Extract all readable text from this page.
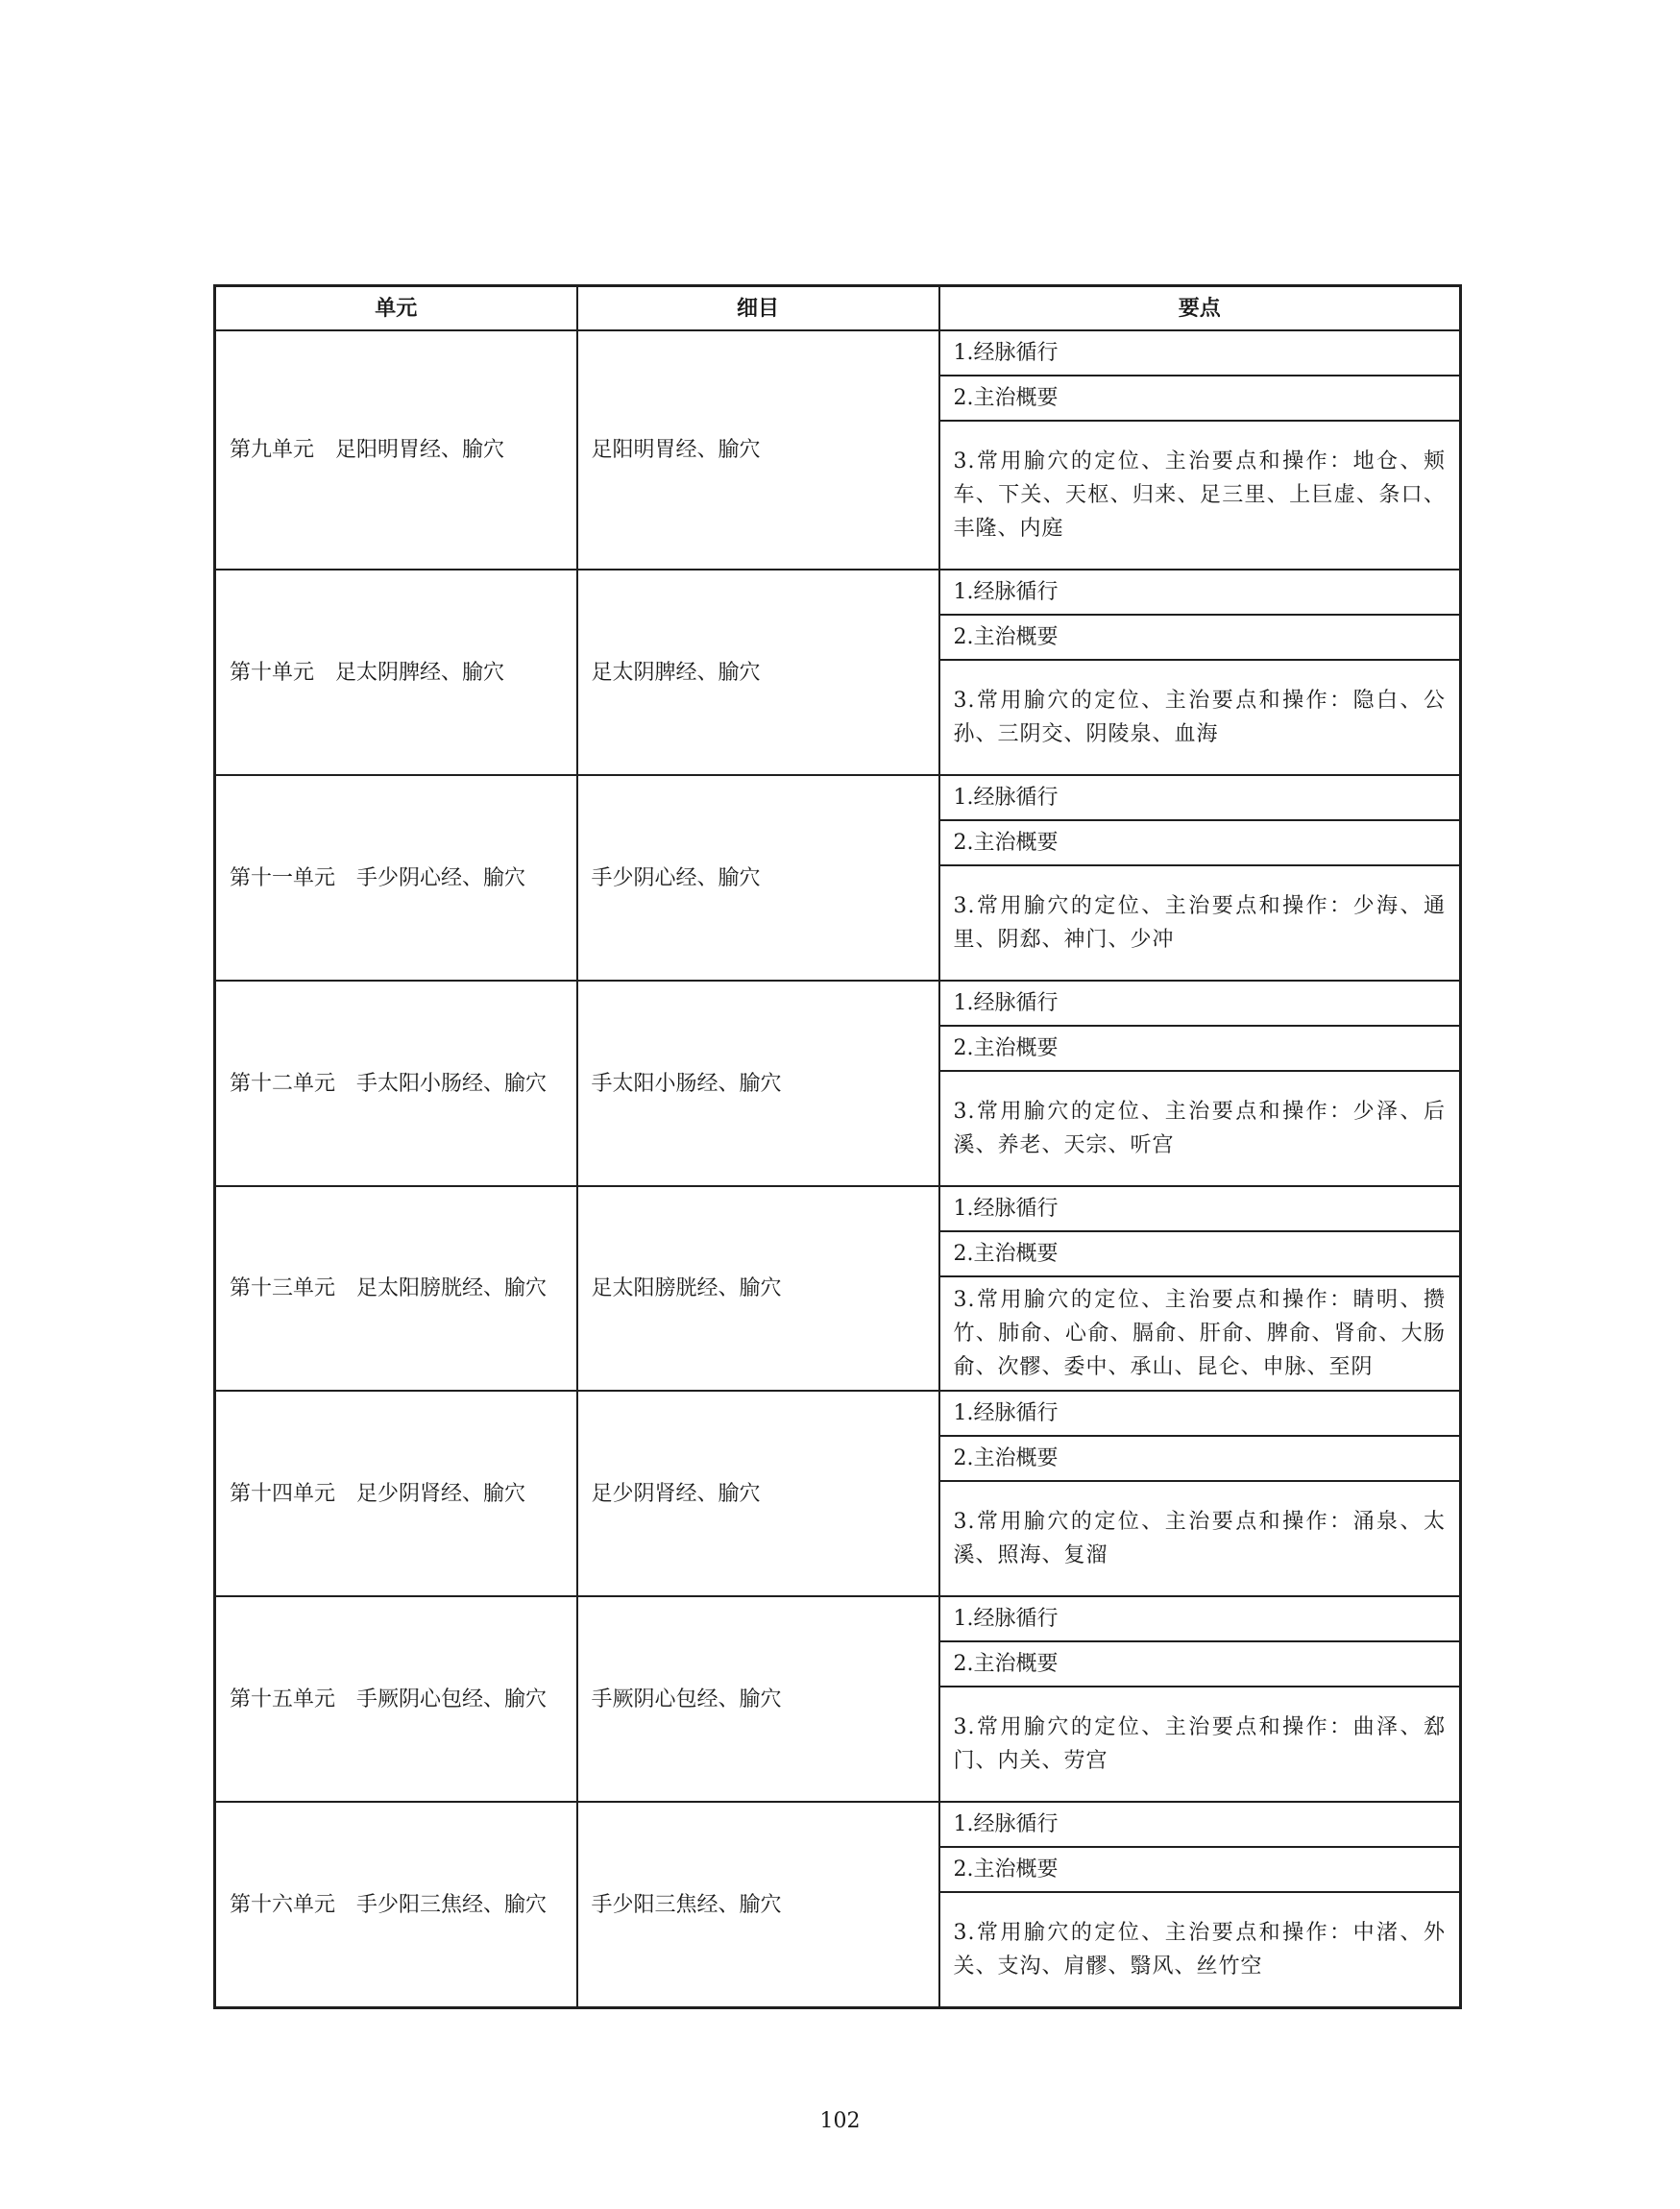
单元	细目	要点
第九单元　足阳明胃经、腧穴	足阳明胃经、腧穴	1.经脉循行
		2.主治概要
		3.常用腧穴的定位、主治要点和操作：地仓、颊车、下关、天枢、归来、足三里、上巨虚、条口、丰隆、内庭
第十单元　足太阴脾经、腧穴	足太阴脾经、腧穴	1.经脉循行
		2.主治概要
		3.常用腧穴的定位、主治要点和操作：隐白、公孙、三阴交、阴陵泉、血海
第十一单元　手少阴心经、腧穴	手少阴心经、腧穴	1.经脉循行
		2.主治概要
		3.常用腧穴的定位、主治要点和操作：少海、通里、阴郄、神门、少冲
第十二单元　手太阳小肠经、腧穴	手太阳小肠经、腧穴	1.经脉循行
		2.主治概要
		3.常用腧穴的定位、主治要点和操作：少泽、后溪、养老、天宗、听宫
第十三单元　足太阳膀胱经、腧穴	足太阳膀胱经、腧穴	1.经脉循行
		2.主治概要
		3.常用腧穴的定位、主治要点和操作：睛明、攒竹、肺俞、心俞、膈俞、肝俞、脾俞、肾俞、大肠俞、次髎、委中、承山、昆仑、申脉、至阴
第十四单元　足少阴肾经、腧穴	足少阴肾经、腧穴	1.经脉循行
		2.主治概要
		3.常用腧穴的定位、主治要点和操作：涌泉、太溪、照海、复溜
第十五单元　手厥阴心包经、腧穴	手厥阴心包经、腧穴	1.经脉循行
		2.主治概要
		3.常用腧穴的定位、主治要点和操作：曲泽、郄门、内关、劳宫
第十六单元　手少阳三焦经、腧穴	手少阳三焦经、腧穴	1.经脉循行
		2.主治概要
		3.常用腧穴的定位、主治要点和操作：中渚、外关、支沟、肩髎、翳风、丝竹空
102
